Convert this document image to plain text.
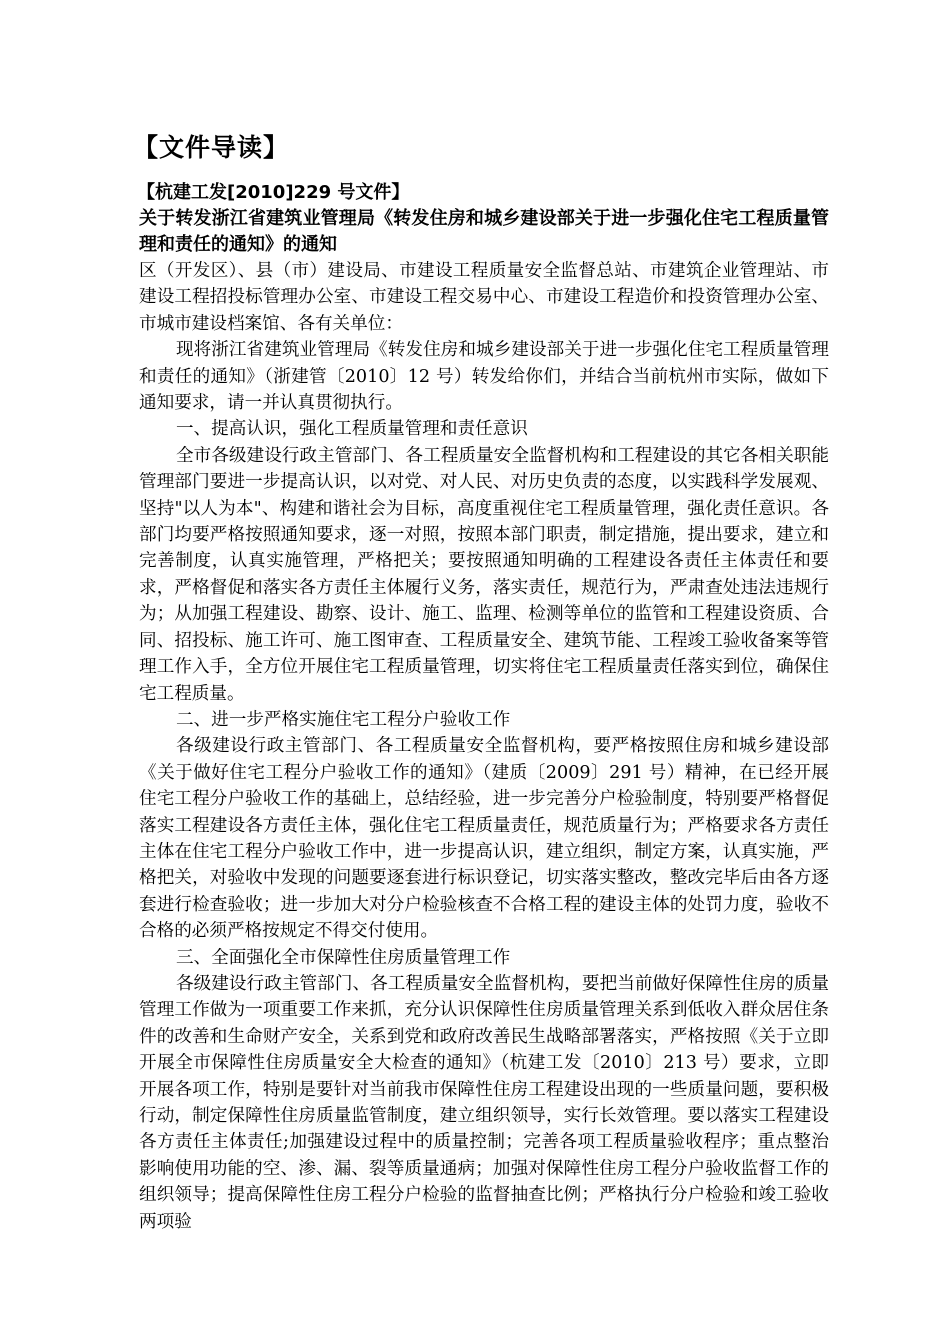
【文件导读】

【杭建工发[2010]229 号文件】

关于转发浙江省建筑业管理局《转发住房和城乡建设部关于进一步强化住宅工程质量管理和责任的通知》的通知

区（开发区）、县（市）建设局、市建设工程质量安全监督总站、市建筑企业管理站、市建设工程招投标管理办公室、市建设工程交易中心、市建设工程造价和投资管理办公室、市城市建设档案馆、各有关单位：

现将浙江省建筑业管理局《转发住房和城乡建设部关于进一步强化住宅工程质量管理和责任的通知》（浙建管〔2010〕12 号）转发给你们，并结合当前杭州市实际，做如下通知要求，请一并认真贯彻执行。

一、提高认识，强化工程质量管理和责任意识

全市各级建设行政主管部门、各工程质量安全监督机构和工程建设的其它各相关职能管理部门要进一步提高认识，以对党、对人民、对历史负责的态度，以实践科学发展观、坚持"以人为本"、构建和谐社会为目标，高度重视住宅工程质量管理，强化责任意识。各部门均要严格按照通知要求，逐一对照，按照本部门职责，制定措施，提出要求，建立和完善制度，认真实施管理，严格把关；要按照通知明确的工程建设各责任主体责任和要求，严格督促和落实各方责任主体履行义务，落实责任，规范行为，严肃查处违法违规行为；从加强工程建设、勘察、设计、施工、监理、检测等单位的监管和工程建设资质、合同、招投标、施工许可、施工图审查、工程质量安全、建筑节能、工程竣工验收备案等管理工作入手，全方位开展住宅工程质量管理，切实将住宅工程质量责任落实到位，确保住宅工程质量。

二、进一步严格实施住宅工程分户验收工作

各级建设行政主管部门、各工程质量安全监督机构，要严格按照住房和城乡建设部《关于做好住宅工程分户验收工作的通知》（建质〔2009〕291 号）精神，在已经开展住宅工程分户验收工作的基础上，总结经验，进一步完善分户检验制度，特别要严格督促落实工程建设各方责任主体，强化住宅工程质量责任，规范质量行为；严格要求各方责任主体在住宅工程分户验收工作中，进一步提高认识，建立组织，制定方案，认真实施，严格把关，对验收中发现的问题要逐套进行标识登记，切实落实整改，整改完毕后由各方逐套进行检查验收；进一步加大对分户检验核查不合格工程的建设主体的处罚力度，验收不合格的必须严格按规定不得交付使用。

三、全面强化全市保障性住房质量管理工作

各级建设行政主管部门、各工程质量安全监督机构，要把当前做好保障性住房的质量管理工作做为一项重要工作来抓，充分认识保障性住房质量管理关系到低收入群众居住条件的改善和生命财产安全，关系到党和政府改善民生战略部署落实，严格按照《关于立即开展全市保障性住房质量安全大检查的通知》（杭建工发〔2010〕213 号）要求，立即开展各项工作，特别是要针对当前我市保障性住房工程建设出现的一些质量问题，要积极行动，制定保障性住房质量监管制度，建立组织领导，实行长效管理。要以落实工程建设各方责任主体责任;加强建设过程中的质量控制；完善各项工程质量验收程序；重点整治影响使用功能的空、渗、漏、裂等质量通病；加强对保障性住房工程分户验收监督工作的组织领导；提高保障性住房工程分户检验的监督抽查比例；严格执行分户检验和竣工验收两项验
